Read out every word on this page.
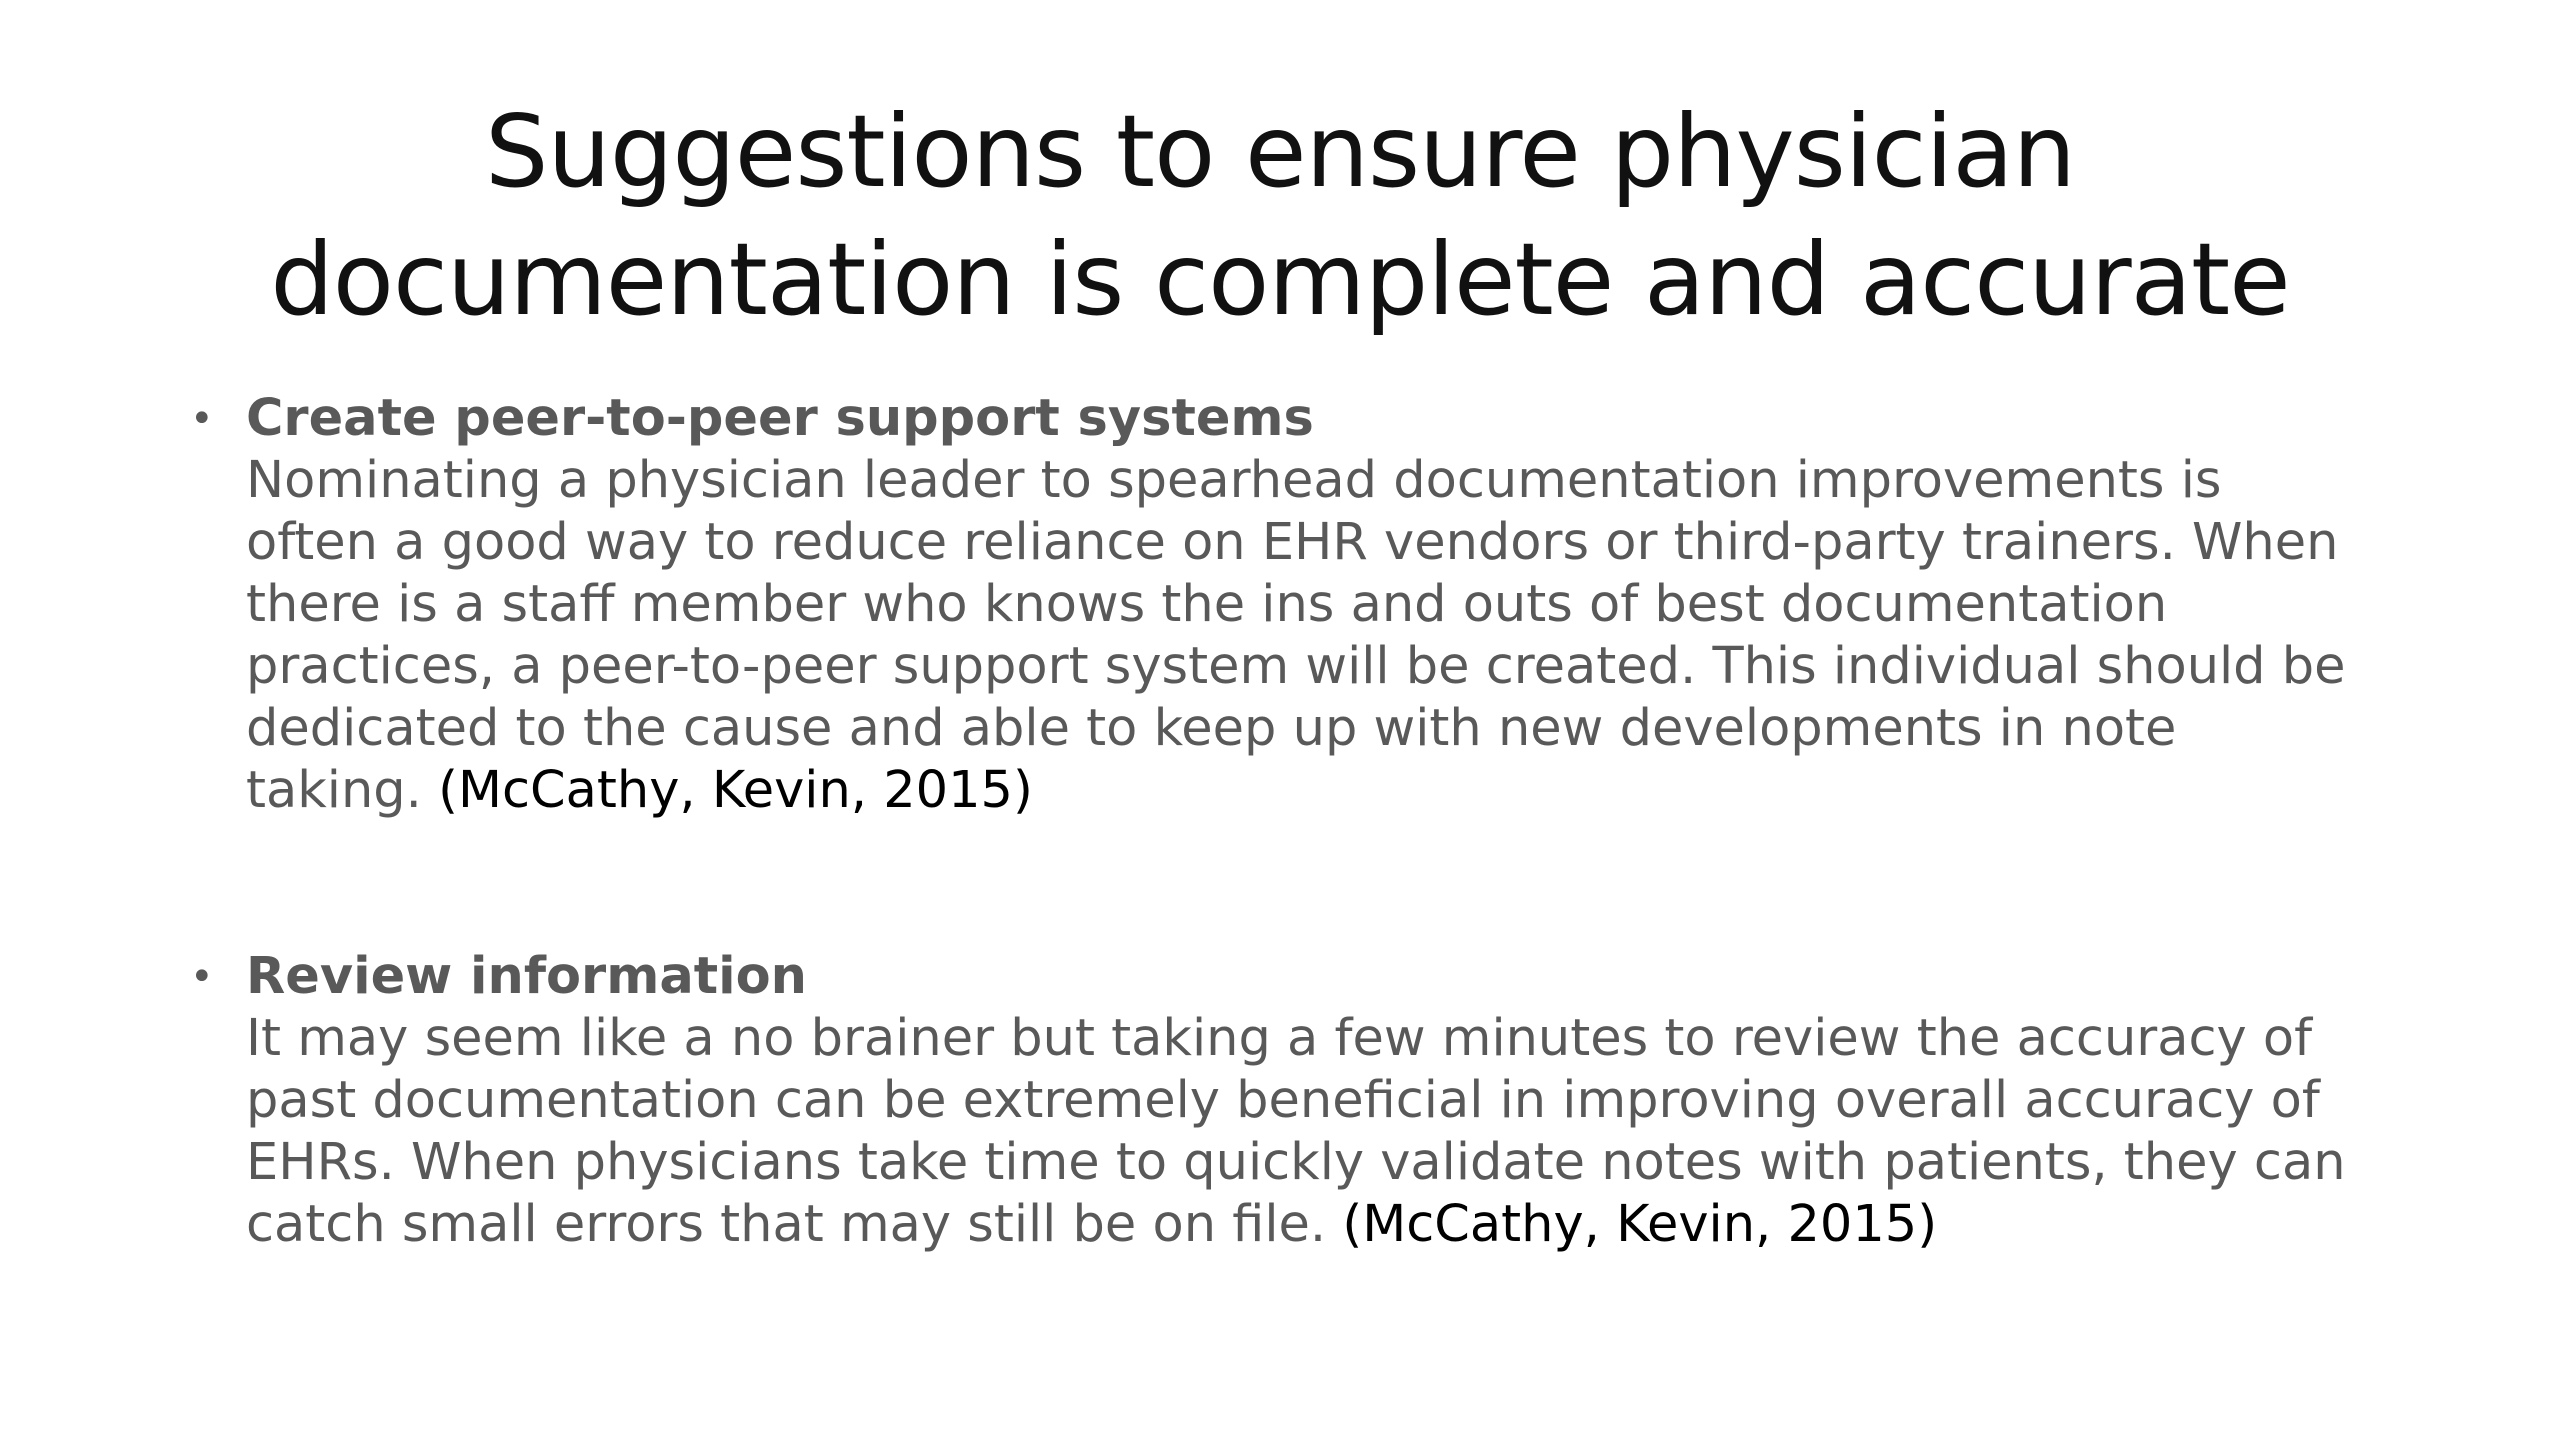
Suggestions to ensure physician
documentation is complete and accurate
• Create peer-to-peer support systems
Nominating a physician leader to spearhead documentation improvements is
often a good way to reduce reliance on EHR vendors or third-party trainers. When
there is a staff member who knows the ins and outs of best documentation
practices, a peer-to-peer support system will be created. This individual should be
dedicated to the cause and able to keep up with new developments in note
taking. (McCathy, Kevin, 2015)
• Review information
It may seem like a no brainer but taking a few minutes to review the accuracy of
past documentation can be extremely beneficial in improving overall accuracy of
EHRs. When physicians take time to quickly validate notes with patients, they can
catch small errors that may still be on file. (McCathy, Kevin, 2015)
